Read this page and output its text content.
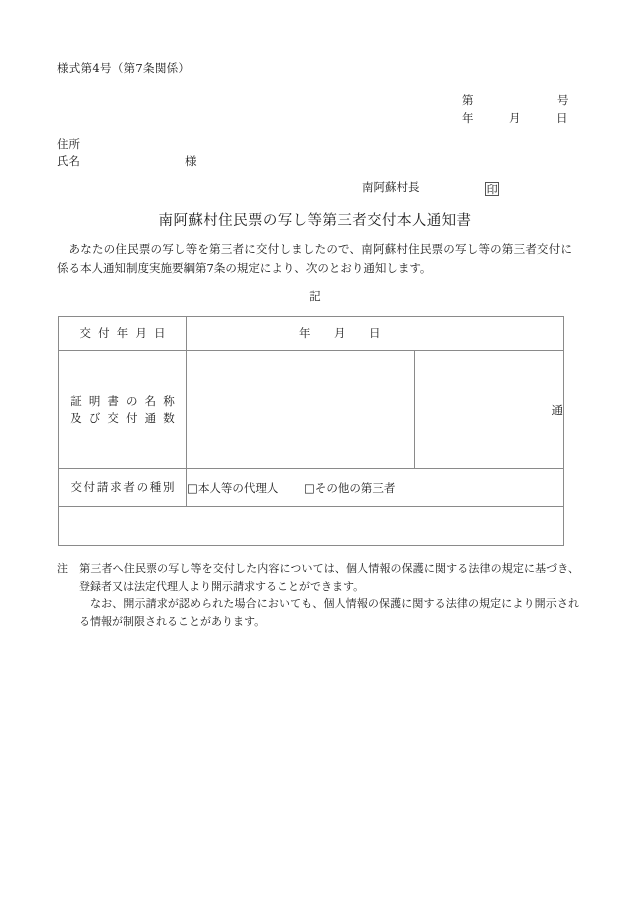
様式第4号（第7条関係）
第	号
年	月	日
住所
氏名	様
南阿蘇村長	印
南阿蘇村住民票の写し等第三者交付本人通知書
あなたの住民票の写し等を第三者に交付しましたので、南阿蘇村住民票の写し等の第三者交付に係る本人通知制度実施要綱第7条の規定により、次のとおり通知します。
記
交 付 年 月 日	年 月 日	

証 明 書 の 名 称
及 び 交 付 通 数		通
交付請求者の種別	□本人等の代理人 □その他の第三者	

注　第三者へ住民票の写し等を交付した内容については、個人情報の保護に関する法律の規定に基づき、登録者又は法定代理人より開示請求することができます。

なお、開示請求が認められた場合においても、個人情報の保護に関する法律の規定により開示される情報が制限されることがあります。
